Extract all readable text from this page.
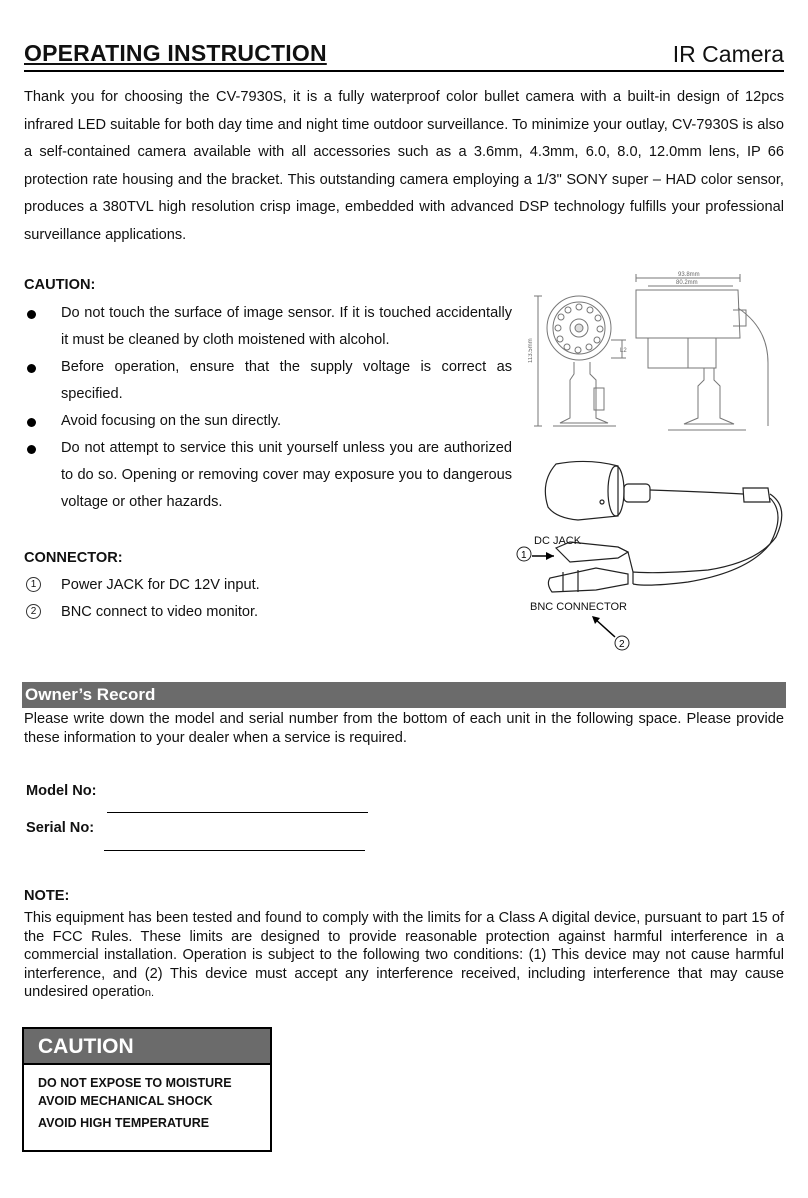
OPERATING INSTRUCTION	IR Camera
Thank you for choosing the CV-7930S, it is a fully waterproof color bullet camera with a built-in design of 12pcs infrared LED suitable for both day time and night time outdoor surveillance. To minimize your outlay, CV-7930S is also a self-contained camera available with all accessories such as a 3.6mm, 4.3mm, 6.0, 8.0, 12.0mm lens, IP 66 protection rate housing and the bracket. This outstanding camera employing a 1/3" SONY super – HAD color sensor, produces a 380TVL high resolution crisp image, embedded with advanced DSP technology fulfills your professional surveillance applications.
CAUTION:
Do not touch the surface of image sensor. If it is touched accidentally it must be cleaned by cloth moistened with alcohol.
Before operation, ensure that the supply voltage is correct as specified.
Avoid focusing on the sun directly.
Do not attempt to service this unit yourself unless you are authorized to do so. Opening or removing cover may exposure you to dangerous voltage or other hazards.
CONNECTOR:
1	Power JACK for DC 12V input.
2	BNC connect to video monitor.
93.8mm
80.2mm
113.5mm	L2
1
2
DC JACK
BNC CONNECTOR
Owner’s Record
Please write down the model and serial number from the bottom of each unit in the following space. Please provide these information to your dealer when a service is required.
Model No:
Serial No:
NOTE:
This equipment has been tested and found to comply with the limits for a Class A digital device, pursuant to part 15 of the FCC Rules. These limits are designed to provide reasonable protection against harmful interference in a commercial installation. Operation is subject to the following two conditions: (1) This device may not cause harmful interference, and (2) This device must accept any interference received, including interference that may cause undesired operation.
CAUTION
DO NOT EXPOSE TO MOISTURE
AVOID MECHANICAL SHOCK
AVOID HIGH TEMPERATURE
